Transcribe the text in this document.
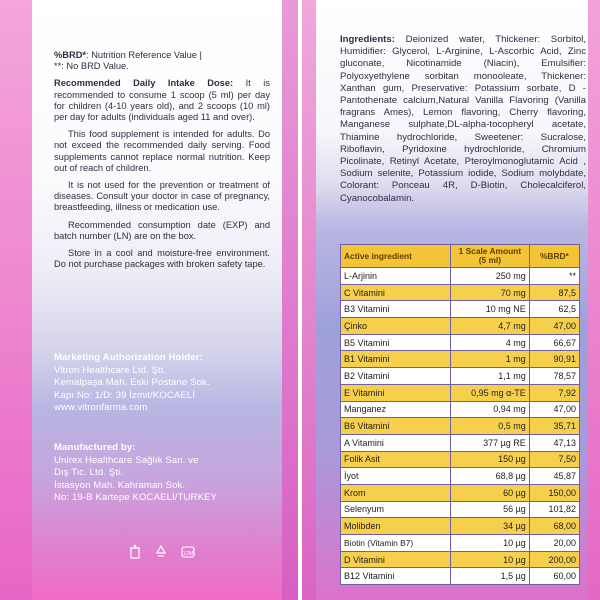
%BRD*: Nutrition Reference Value |
**: No BRD Value.

Recommended Daily Intake Dose: It is recommended to consume 1 scoop (5 ml) per day for children (4-10 years old), and 2 scoops (10 ml) per day for adults (individuals aged 11 and over).

This food supplement is intended for adults. Do not exceed the recommended daily serving. Food supplements cannot replace normal nutrition. Keep out of reach of children.

It is not used for the prevention or treatment of diseases. Consult your doctor in case of pregnancy, breastfeeding, illness or medication use.

Recommended consumption date (EXP) and batch number (LN) are on the box.

Store in a cool and moisture-free environment. Do not purchase packages with broken safety tape.

Marketing Authorization Holder:
Vitron Healthcare Ltd. Şti.
Kemalpaşa Mah. Eski Postane Sok.
Kapı No: 1/D: 39 İzmit/KOCAELİ
www.vitronfarma.com
Manufactured by:
Unirex Healthcare Sağlık San. ve
Dış Tic. Ltd. Şti.
İstasyon Mah. Kahraman Sok.
No: 19-B Kartepe KOCAELİ/TURKEY
12M
Ingredients: Deionized water, Thickener: Sorbitol, Humidifier: Glycerol, L-Arginine, L-Ascorbic Acid, Zinc gluconate, Nicotinamide (Niacin), Emulsifier: Polyoxyethylene sorbitan monooleate, Thickener: Xanthan gum, Preservative: Potassium sorbate, D -Pantothenate calcium,Natural Vanilla Flavoring (Vanilla fragrans Ames), Lemon flavoring, Cherry flavoring, Manganese sulphate,DL-alpha-tocopheryl acetate, Thiamine hydrochloride, Sweetener: Sucralose, Riboflavin, Pyridoxine hydrochloride, Chromium Picolinate, Retinyl Acetate, Pteroylmonoglutamic Acid , Sodium selenite, Potassium iodide, Sodium molybdate, Colorant: Ponceau 4R, D-Biotin, Cholecalciferol, Cyanocobalamin.
Active ingredient	1 Scale Amount (5 ml)	%BRD*
L-Arjinin	250 mg	**
C Vitamini	70 mg	87,5
B3 Vitamini	10 mg NE	62,5
Çinko	4,7 mg	47,00
B5 Vitamini	4 mg	66,67
B1 Vitamini	1 mg	90,91
B2 Vitamini	1,1 mg	78,57
E Vitamini	0,95 mg α-TE	7,92
Manganez	0,94 mg	47,00
B6 Vitamini	0,5 mg	35,71
A Vitamini	377 µg RE	47,13
Folik Asit	150 µg	7,50
İyot	68,8 µg	45,87
Krom	60 µg	150,00
Selenyum	56 µg	101,82
Molibden	34 µg	68,00
Biotin (Vitamin B7)	10 µg	20,00
D Vitamini	10 µg	200,00
B12 Vitamini	1,5 µg	60,00
